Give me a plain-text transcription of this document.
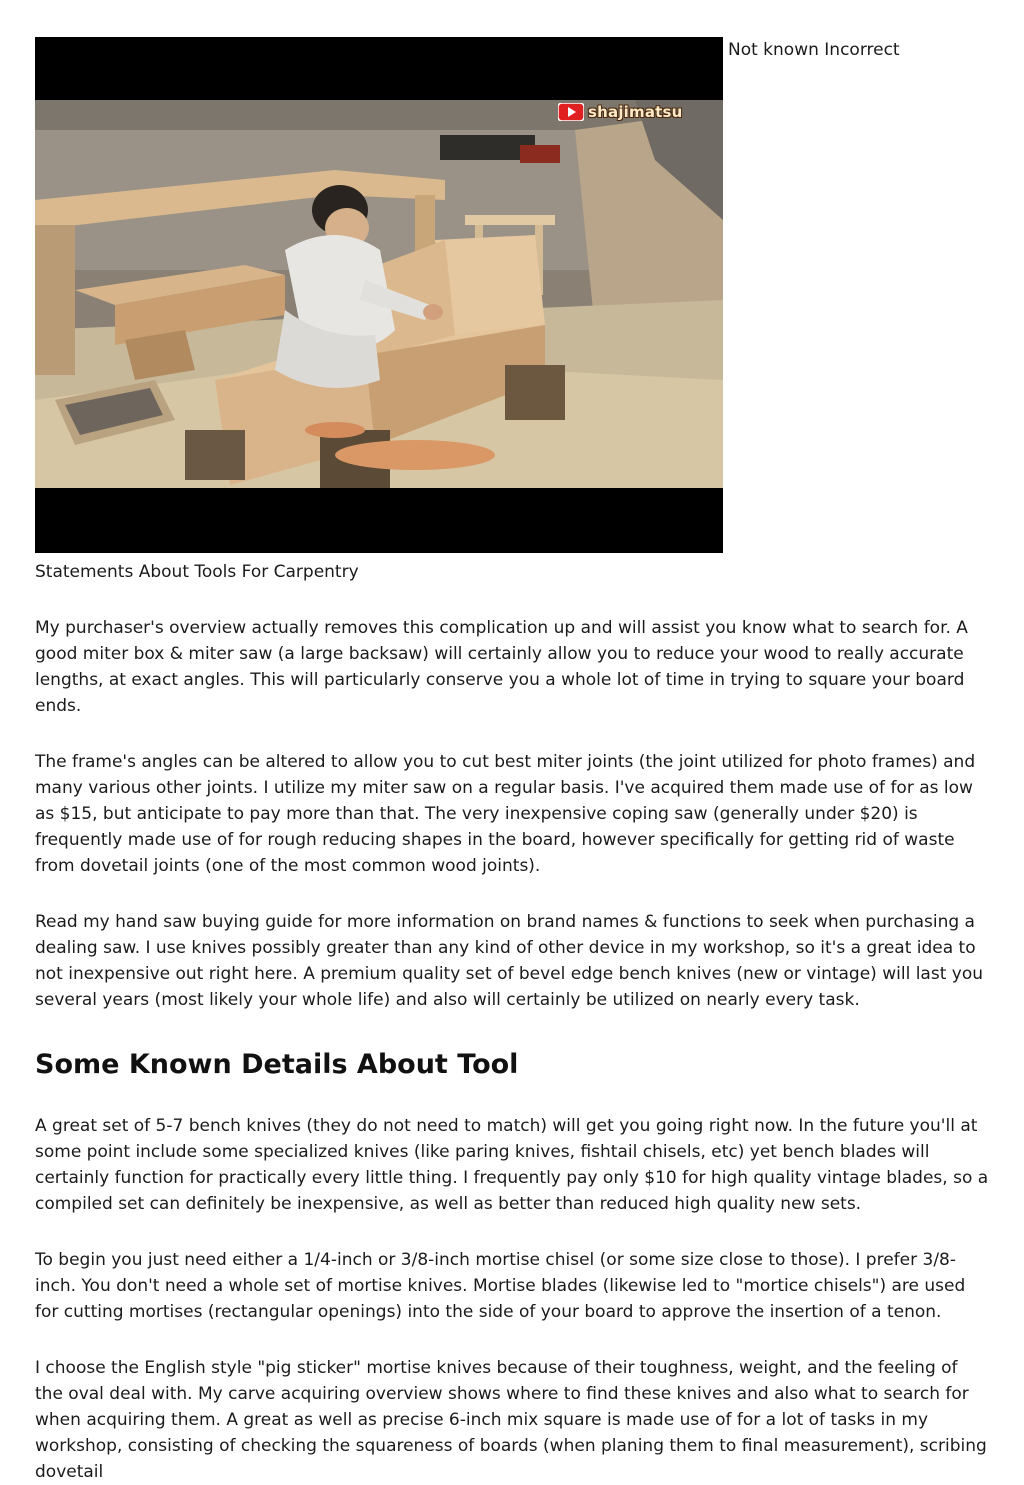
shajimatsu
Not known Incorrect
Statements About Tools For Carpentry

My purchaser's overview actually removes this complication up and will assist you know what to search for. A good miter box & miter saw (a large backsaw) will certainly allow you to reduce your wood to really accurate lengths, at exact angles. This will particularly conserve you a whole lot of time in trying to square your board ends.

The frame's angles can be altered to allow you to cut best miter joints (the joint utilized for photo frames) and many various other joints. I utilize my miter saw on a regular basis. I've acquired them made use of for as low as $15, but anticipate to pay more than that. The very inexpensive coping saw (generally under $20) is frequently made use of for rough reducing shapes in the board, however specifically for getting rid of waste from dovetail joints (one of the most common wood joints).

Read my hand saw buying guide for more information on brand names & functions to seek when purchasing a dealing saw. I use knives possibly greater than any kind of other device in my workshop, so it's a great idea to not inexpensive out right here. A premium quality set of bevel edge bench knives (new or vintage) will last you several years (most likely your whole life) and also will certainly be utilized on nearly every task.

Some Known Details About Tool

A great set of 5-7 bench knives (they do not need to match) will get you going right now. In the future you'll at some point include some specialized knives (like paring knives, fishtail chisels, etc) yet bench blades will certainly function for practically every little thing. I frequently pay only $10 for high quality vintage blades, so a compiled set can definitely be inexpensive, as well as better than reduced high quality new sets.

To begin you just need either a 1/4-inch or 3/8-inch mortise chisel (or some size close to those). I prefer 3/8-inch. You don't need a whole set of mortise knives. Mortise blades (likewise led to "mortice chisels") are used for cutting mortises (rectangular openings) into the side of your board to approve the insertion of a tenon.

I choose the English style "pig sticker" mortise knives because of their toughness, weight, and the feeling of the oval deal with. My carve acquiring overview shows where to find these knives and also what to search for when acquiring them. A great as well as precise 6-inch mix square is made use of for a lot of tasks in my workshop, consisting of checking the squareness of boards (when planing them to final measurement), scribing dovetail
